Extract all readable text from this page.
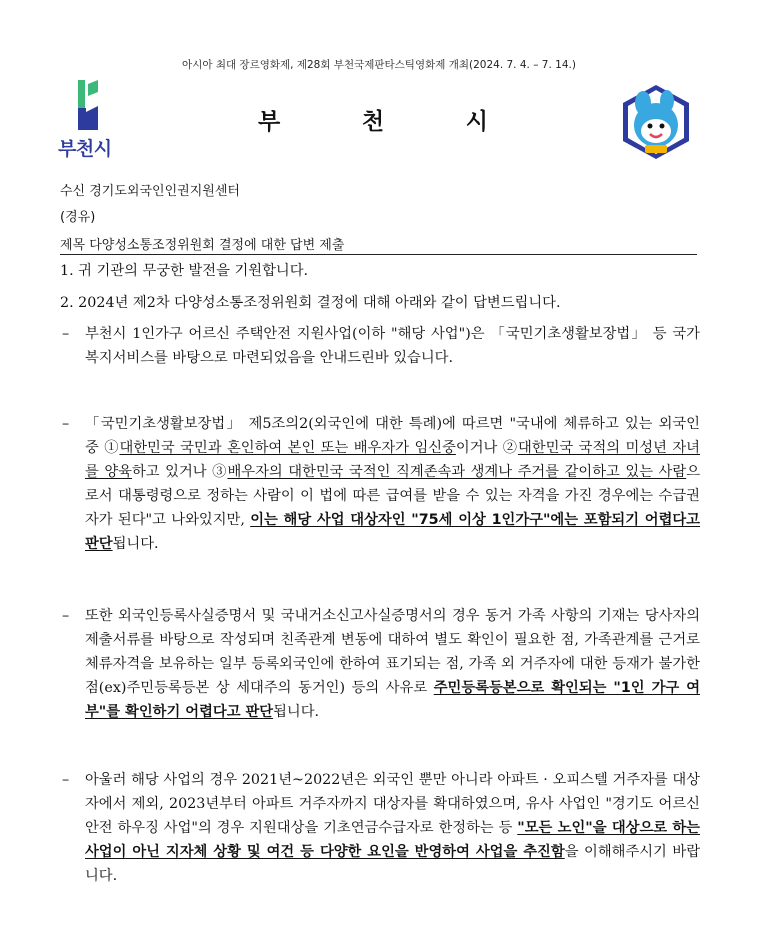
아시아 최대 장르영화제, 제28회 부천국제판타스틱영화제 개최(2024. 7. 4. – 7. 14.)
부천시
부	천	시
수신 경기도외국인인권지원센터
(경유)
제목 다양성소통조정위원회 결정에 대한 답변 제출
1. 귀 기관의 무궁한 발전을 기원합니다.
2. 2024년 제2차 다양성소통조정위원회 결정에 대해 아래와 같이 답변드립니다.
– 부천시 1인가구 어르신 주택안전 지원사업(이하 "해당 사업")은 「국민기초생활보장법」 등 국가 복지서비스를 바탕으로 마련되었음을 안내드린바 있습니다.
– 「국민기초생활보장법」 제5조의2(외국인에 대한 특례)에 따르면 "국내에 체류하고 있는 외국인 중 ①대한민국 국민과 혼인하여 본인 또는 배우자가 임신중이거나 ②대한민국 국적의 미성년 자녀를 양육하고 있거나 ③배우자의 대한민국 국적인 직계존속과 생계나 주거를 같이하고 있는 사람으로서 대통령령으로 정하는 사람이 이 법에 따른 급여를 받을 수 있는 자격을 가진 경우에는 수급권자가 된다"고 나와있지만, 이는 해당 사업 대상자인 "75세 이상 1인가구"에는 포함되기 어렵다고 판단됩니다.
– 또한 외국인등록사실증명서 및 국내거소신고사실증명서의 경우 동거 가족 사항의 기재는 당사자의 제출서류를 바탕으로 작성되며 친족관계 변동에 대하여 별도 확인이 필요한 점, 가족관계를 근거로 체류자격을 보유하는 일부 등록외국인에 한하여 표기되는 점, 가족 외 거주자에 대한 등재가 불가한 점(ex)주민등록등본 상 세대주의 동거인) 등의 사유로 주민등록등본으로 확인되는 "1인 가구 여부"를 확인하기 어렵다고 판단됩니다.
– 아울러 해당 사업의 경우 2021년~2022년은 외국인 뿐만 아니라 아파트 · 오피스텔 거주자를 대상자에서 제외, 2023년부터 아파트 거주자까지 대상자를 확대하였으며, 유사 사업인 "경기도 어르신 안전 하우징 사업"의 경우 지원대상을 기초연금수급자로 한정하는 등 "모든 노인"을 대상으로 하는 사업이 아닌 지자체 상황 및 여건 등 다양한 요인을 반영하여 사업을 추진함을 이해해주시기 바랍니다.
